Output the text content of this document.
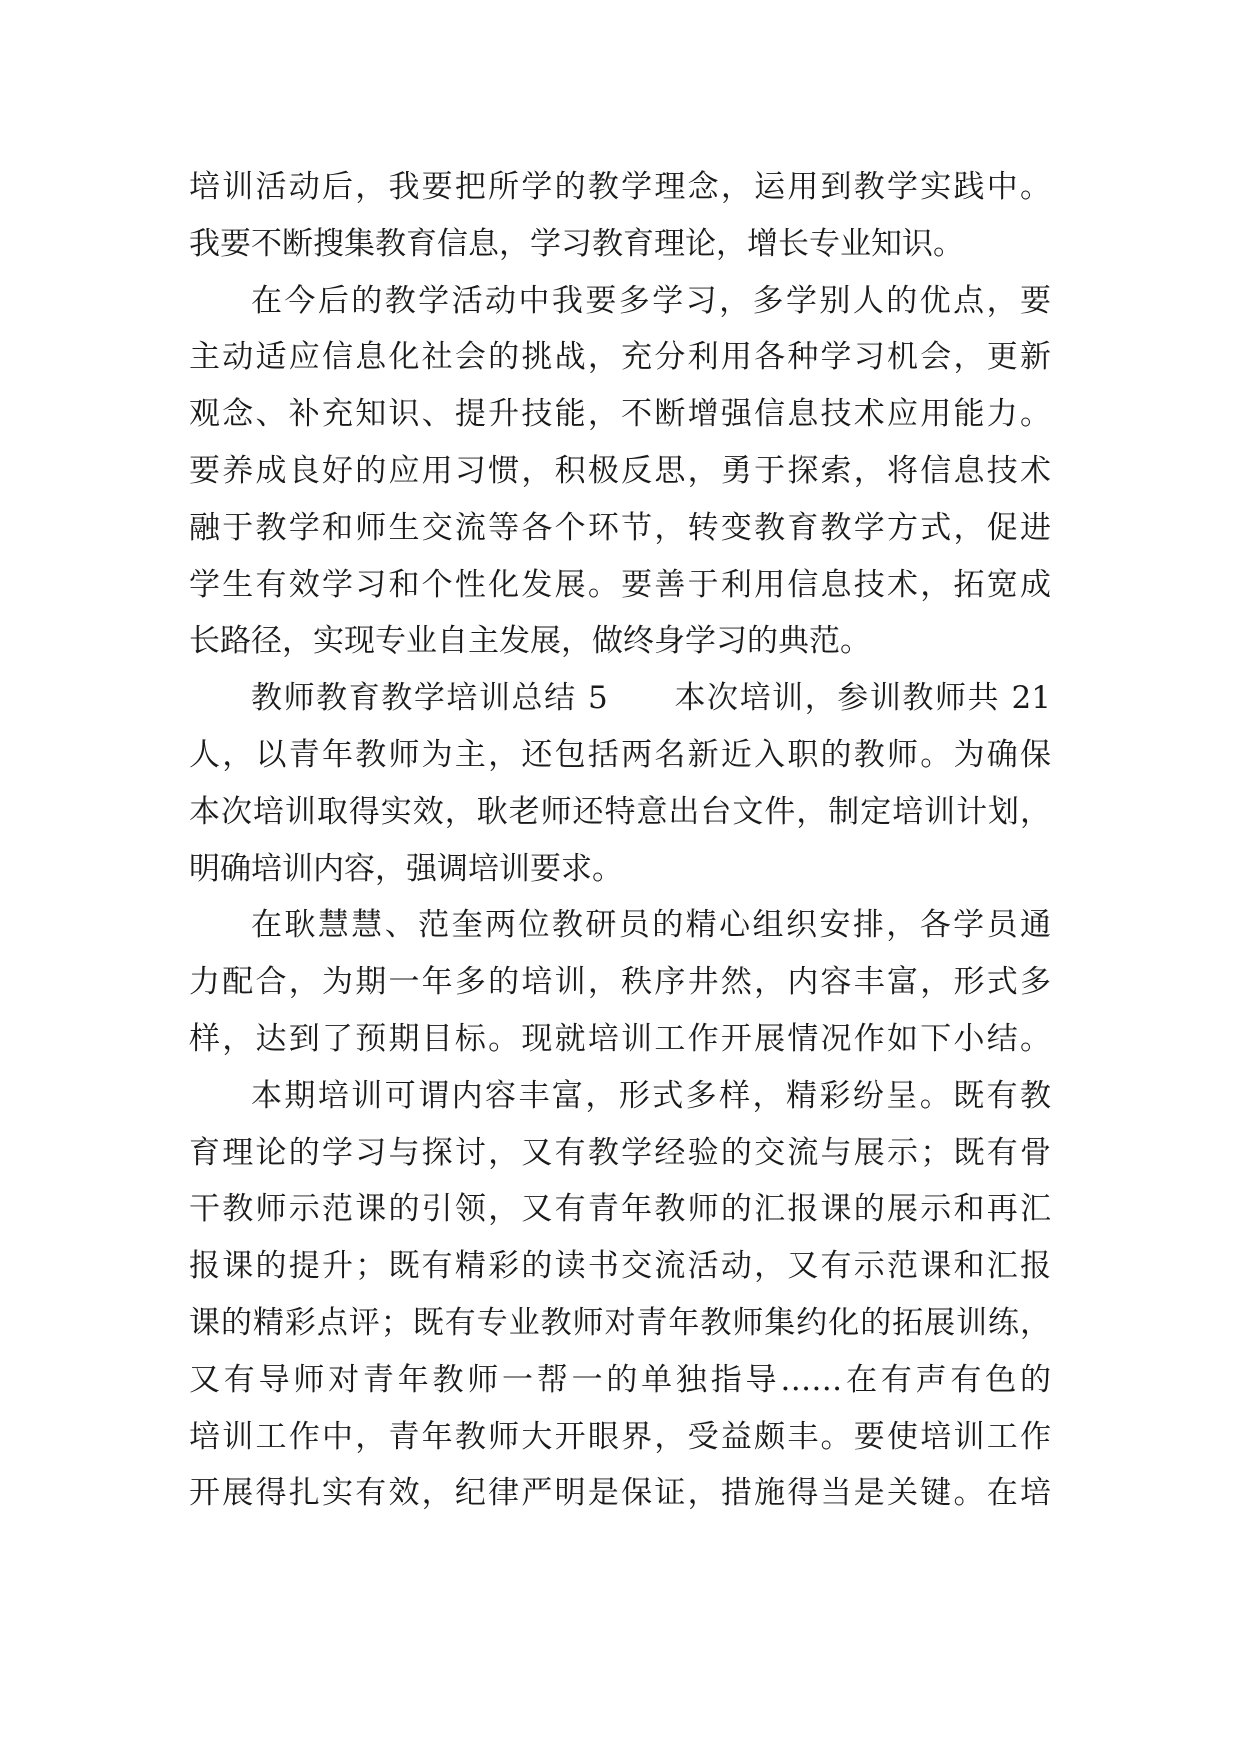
培训活动后，我要把所学的教学理念，运用到教学实践中。
我要不断搜集教育信息，学习教育理论，增长专业知识。
在今后的教学活动中我要多学习，多学别人的优点，要
主动适应信息化社会的挑战，充分利用各种学习机会，更新
观念、补充知识、提升技能，不断增强信息技术应用能力。
要养成良好的应用习惯，积极反思，勇于探索，将信息技术
融于教学和师生交流等各个环节，转变教育教学方式，促进
学生有效学习和个性化发展。要善于利用信息技术，拓宽成
长路径，实现专业自主发展，做终身学习的典范。
教师教育教学培训总结 5　　本次培训，参训教师共 21
人，以青年教师为主，还包括两名新近入职的教师。为确保
本次培训取得实效，耿老师还特意出台文件，制定培训计划，
明确培训内容，强调培训要求。
在耿慧慧、范奎两位教研员的精心组织安排，各学员通
力配合，为期一年多的培训，秩序井然，内容丰富，形式多
样，达到了预期目标。现就培训工作开展情况作如下小结。
本期培训可谓内容丰富，形式多样，精彩纷呈。既有教
育理论的学习与探讨，又有教学经验的交流与展示；既有骨
干教师示范课的引领，又有青年教师的汇报课的展示和再汇
报课的提升；既有精彩的读书交流活动，又有示范课和汇报
课的精彩点评；既有专业教师对青年教师集约化的拓展训练，
又有导师对青年教师一帮一的单独指导……在有声有色的
培训工作中，青年教师大开眼界，受益颇丰。要使培训工作
开展得扎实有效，纪律严明是保证，措施得当是关键。在培
